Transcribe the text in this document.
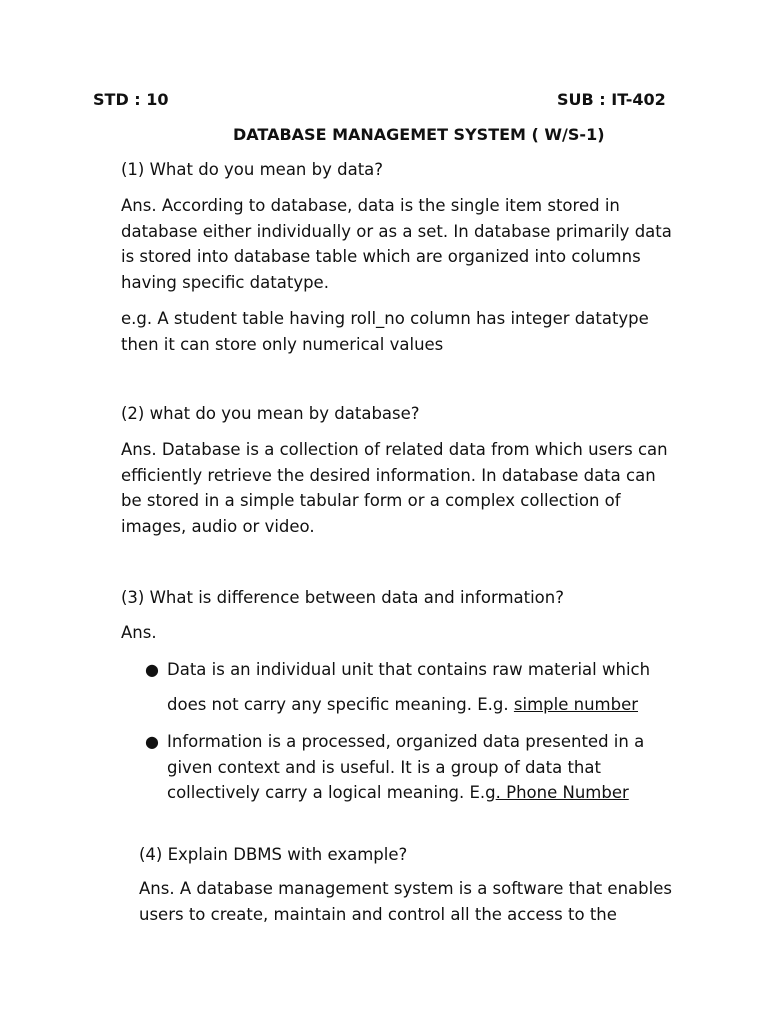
STD : 10	SUB : IT-402
DATABASE MANAGEMET SYSTEM ( W/S-1)
(1) What do you mean by data?
Ans. According to database, data is the single item stored in
database either individually or as a set. In database primarily data
is stored into database table which are organized into columns
having specific datatype.
e.g. A student table having roll_no column has integer datatype
then it can store only numerical values
(2) what do you mean by database?
Ans. Database is a collection of related data from which users can
efficiently retrieve the desired information. In database data can
be stored in a simple tabular form or a complex collection of
images, audio or video.
(3) What is difference between data and information?
Ans.
● Data is an individual unit that contains raw material which
does not carry any specific meaning. E.g. simple number
● Information is a processed, organized data presented in a
given context and is useful. It is a group of data that
collectively carry a logical meaning. E.g. Phone Number
(4) Explain DBMS with example?
Ans. A database management system is a software that enables
users to create, maintain and control all the access to the
